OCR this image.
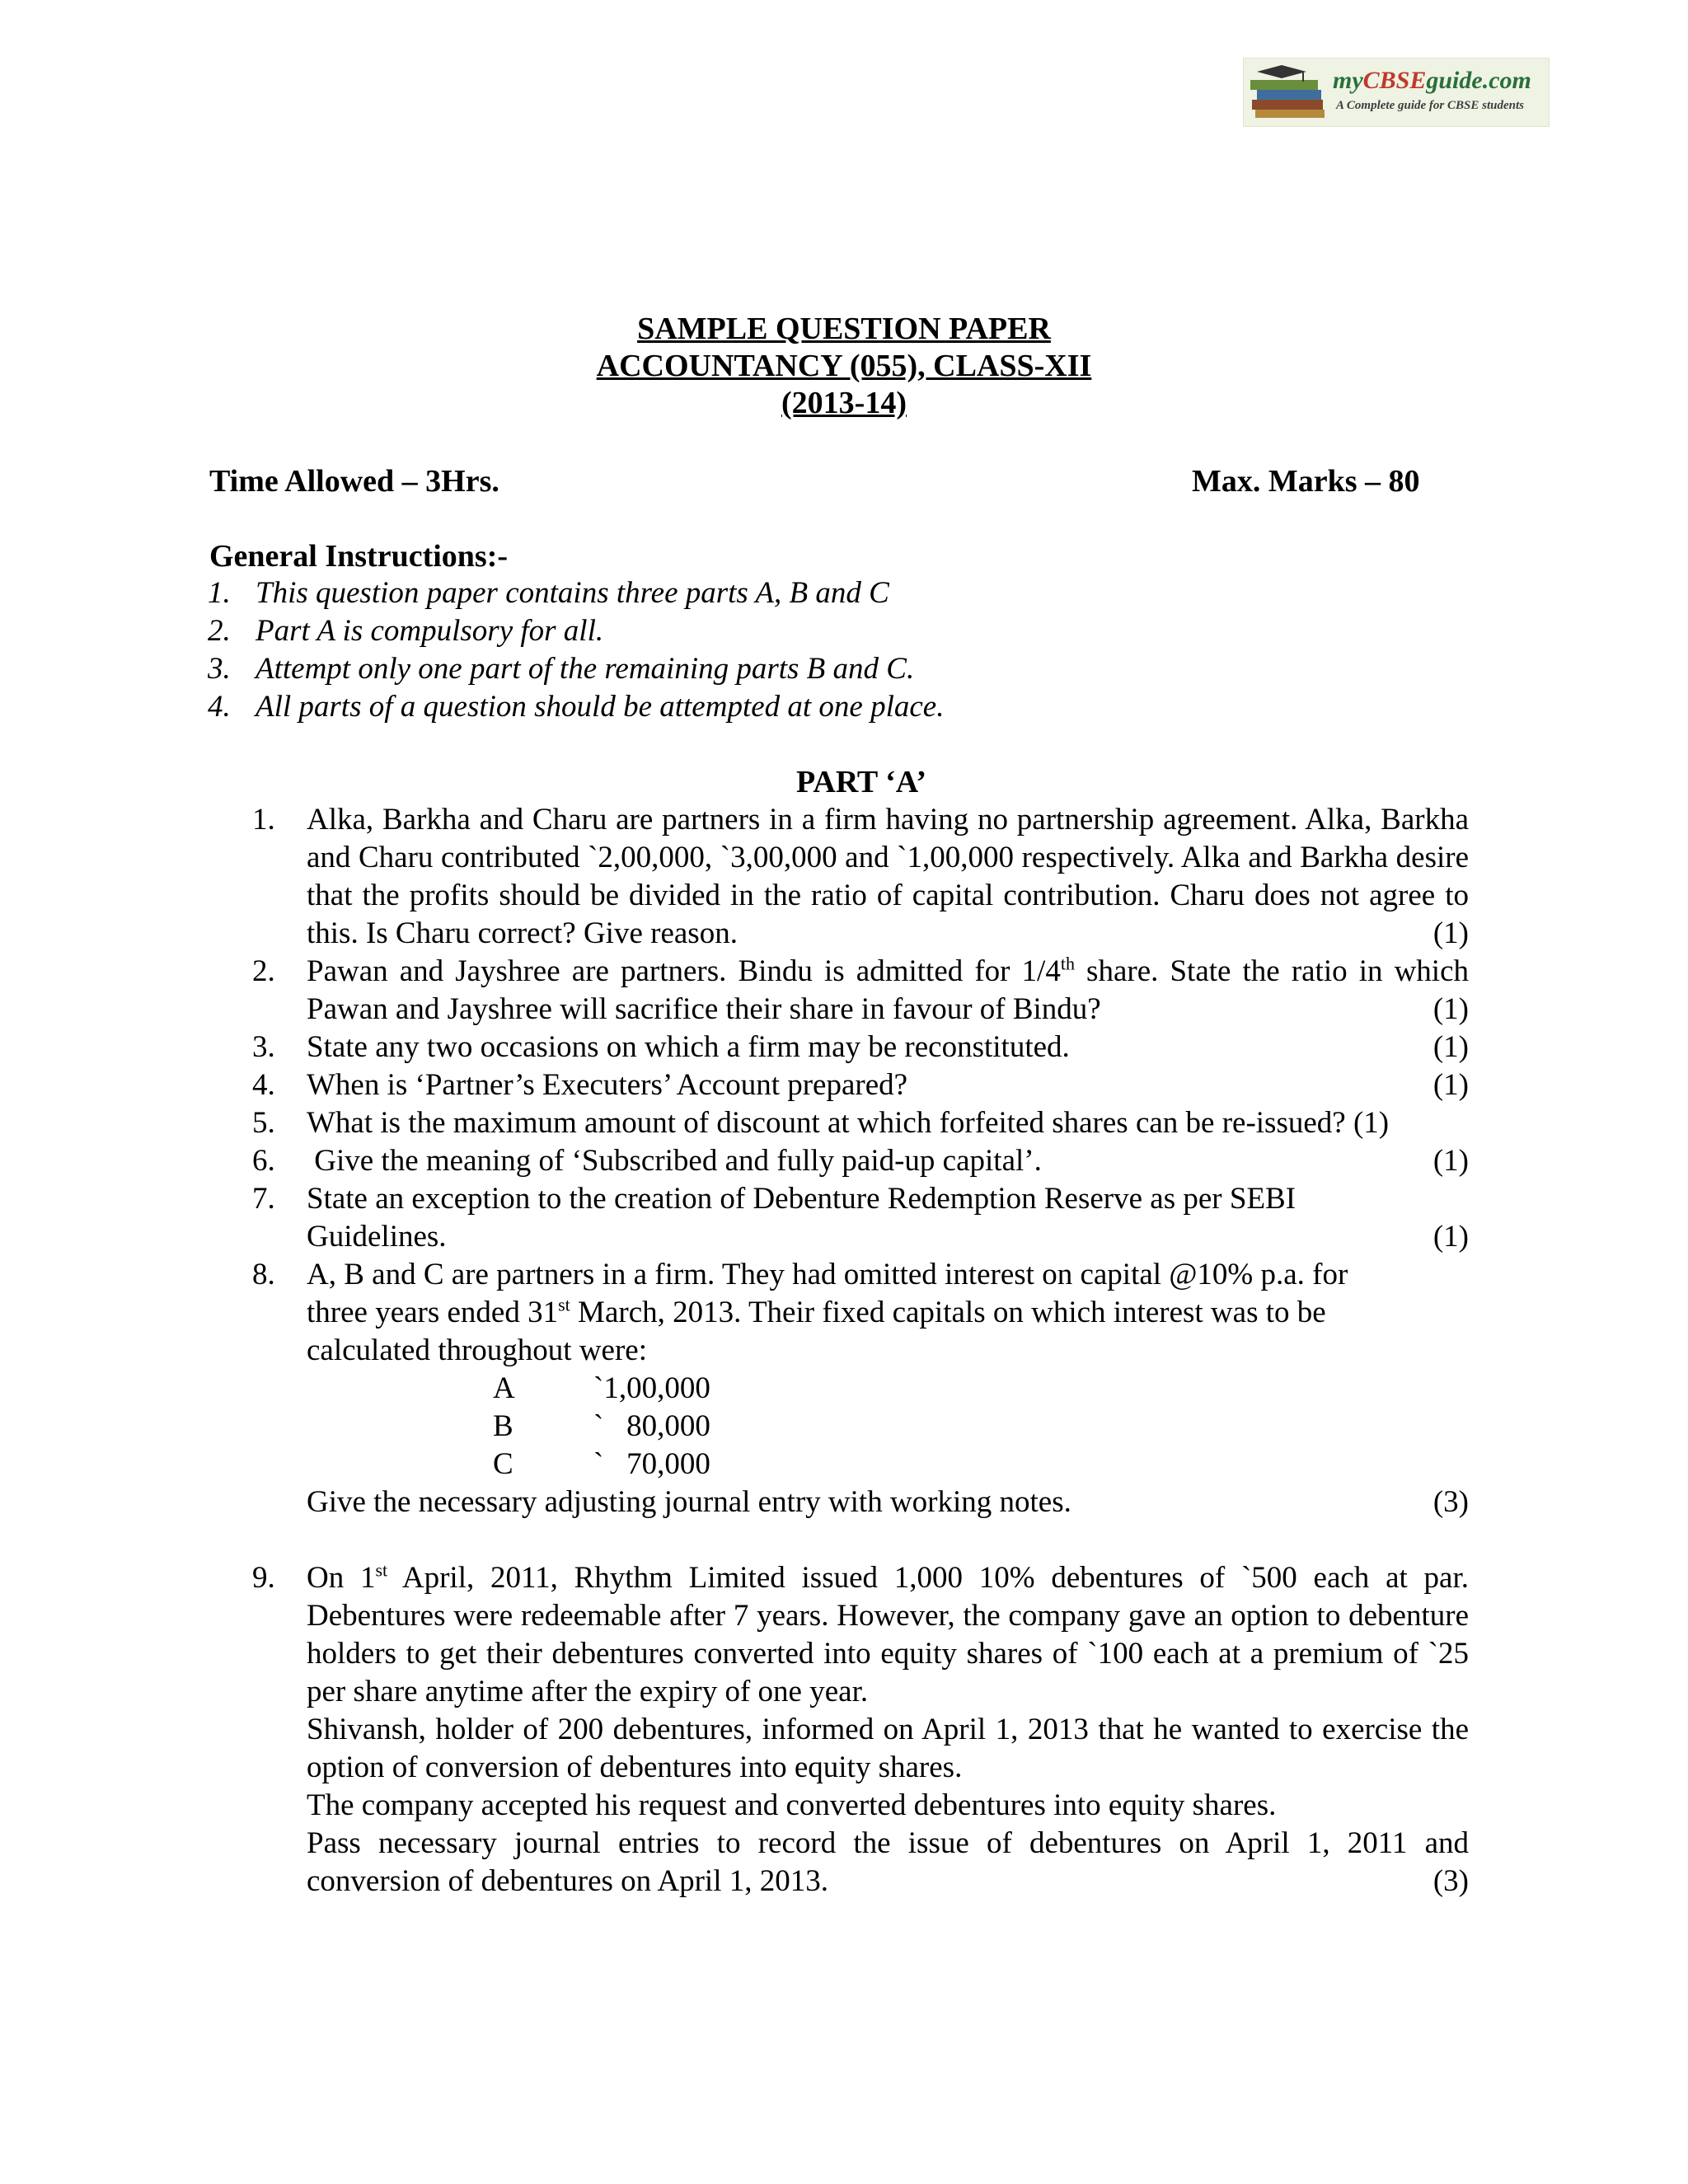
myCBSEguide.com
A Complete guide for CBSE students
SAMPLE QUESTION PAPER
ACCOUNTANCY (055), CLASS-XII
(2013-14)
Time Allowed – 3Hrs.	Max. Marks – 80
General Instructions:-
1. This question paper contains three parts A, B and C
2. Part A is compulsory for all.
3. Attempt only one part of the remaining parts B and C.
4. All parts of a question should be attempted at one place.
PART ‘A’
1.	Alka, Barkha and Charu are partners in a firm having no partnership agreement. Alka, Barkha and Charu contributed `2,00,000, `3,00,000 and `1,00,000 respectively. Alka and Barkha desire that the profits should be divided in the ratio of capital contribution. Charu does not agree to this. Is Charu correct? Give reason.	(1)
2.	Pawan and Jayshree are partners. Bindu is admitted for 1/4th share. State the ratio in which Pawan and Jayshree will sacrifice their share in favour of Bindu?	(1)
3.	State any two occasions on which a firm may be reconstituted.	(1)
4.	When is ‘Partner’s Executers’ Account prepared?	(1)
5.	What is the maximum amount of discount at which forfeited shares can be re-issued? (1)
6.	Give the meaning of ‘Subscribed and fully paid-up capital’.	(1)
7.	State an exception to the creation of Debenture Redemption Reserve as per SEBI

Guidelines.	(1)

8.	A, B and C are partners in a firm. They had omitted interest on capital @10% p.a. for

three years ended 31st March, 2013. Their fixed capitals on which interest was to be

calculated throughout were:

A	`1,00,000
B	`   80,000
C	`   70,000
Give the necessary adjusting journal entry with working notes.	(3)
9.	On 1st April, 2011, Rhythm Limited issued 1,000 10% debentures of `500 each at par. Debentures were redeemable after 7 years. However, the company gave an option to debenture holders to get their debentures converted into equity shares of `100 each at a premium of `25 per share anytime after the expiry of one year.

Shivansh, holder of 200 debentures, informed on April 1, 2013 that he wanted to exercise the option of conversion of debentures into equity shares.

The company accepted his request and converted debentures into equity shares.

Pass necessary journal entries to record the issue of debentures on April 1, 2011 and conversion of debentures on April 1, 2013.	(3)
